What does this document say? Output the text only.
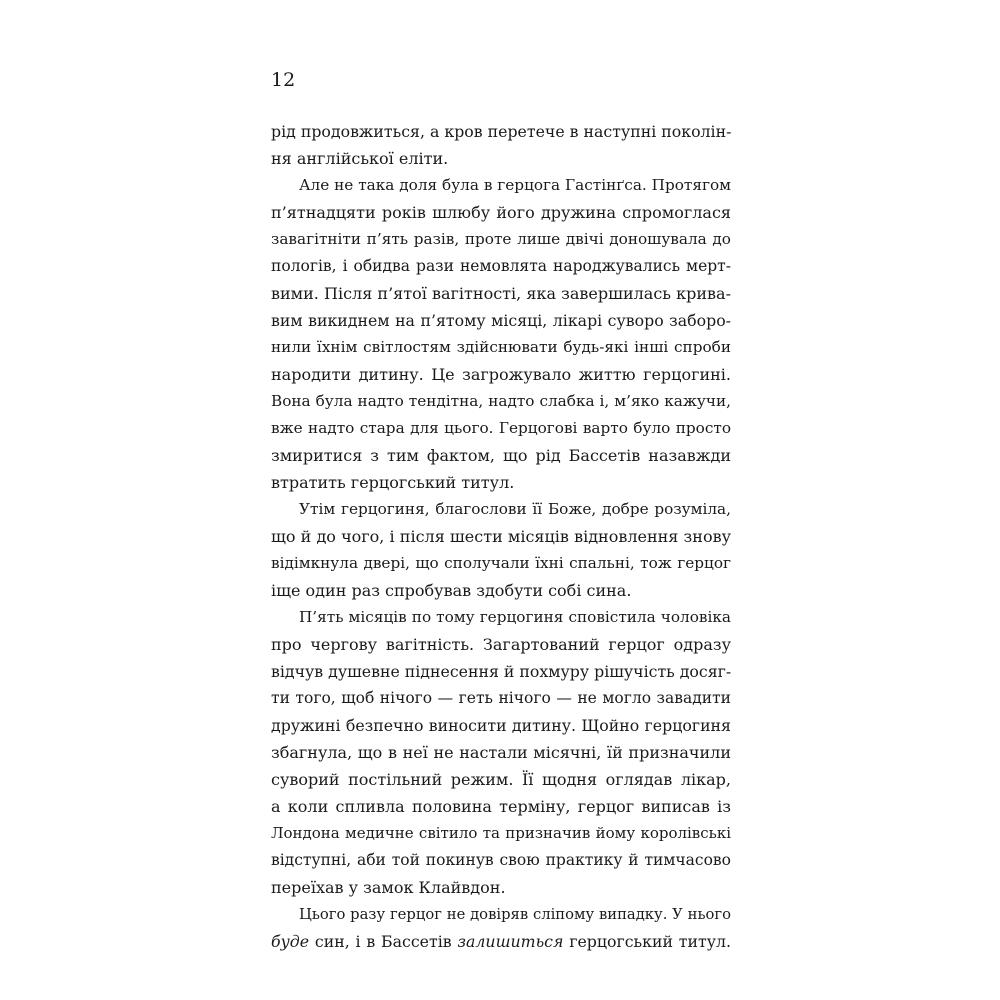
12
рід продовжиться, а кров перетече в наступні поколін-
ня англійської еліти.
Але не така доля була в герцога Гастінґса. Протягом
п’ятнадцяти років шлюбу його дружина спромоглася
завагітніти п’ять разів, проте лише двічі доношувала до
пологів, і обидва рази немовлята народжувались мерт-
вими. Після п’ятої вагітності, яка завершилась крива-
вим викиднем на п’ятому місяці, лікарі суворо заборо-
нили їхнім світлостям здійснювати будь-які інші спроби
народити дитину. Це загрожувало життю герцогині.
Вона була надто тендітна, надто слабка і, м’яко кажучи,
вже надто стара для цього. Герцогові варто було просто
змиритися з тим фактом, що рід Бассетів назавжди
втратить герцогський титул.
Утім герцогиня, благослови її Боже, добре розуміла,
що й до чого, і після шести місяців відновлення знову
відімкнула двері, що сполучали їхні спальні, тож герцог
іще один раз спробував здобути собі сина.
П’ять місяців по тому герцогиня сповістила чоловіка
про чергову вагітність. Загартований герцог одразу
відчув душевне піднесення й похмуру рішучість досяг-
ти того, щоб нічого — геть нічого — не могло завадити
дружині безпечно виносити дитину. Щойно герцогиня
збагнула, що в неї не настали місячні, їй призначили
суворий постільний режим. Її щодня оглядав лікар,
а коли спливла половина терміну, герцог виписав із
Лондона медичне світило та призначив йому королівські
відступні, аби той покинув свою практику й тимчасово
переїхав у замок Клайвдон.
Цього разу герцог не довіряв сліпому випадку. У нього
буде син, і в Бассетів залишиться герцогський титул.
